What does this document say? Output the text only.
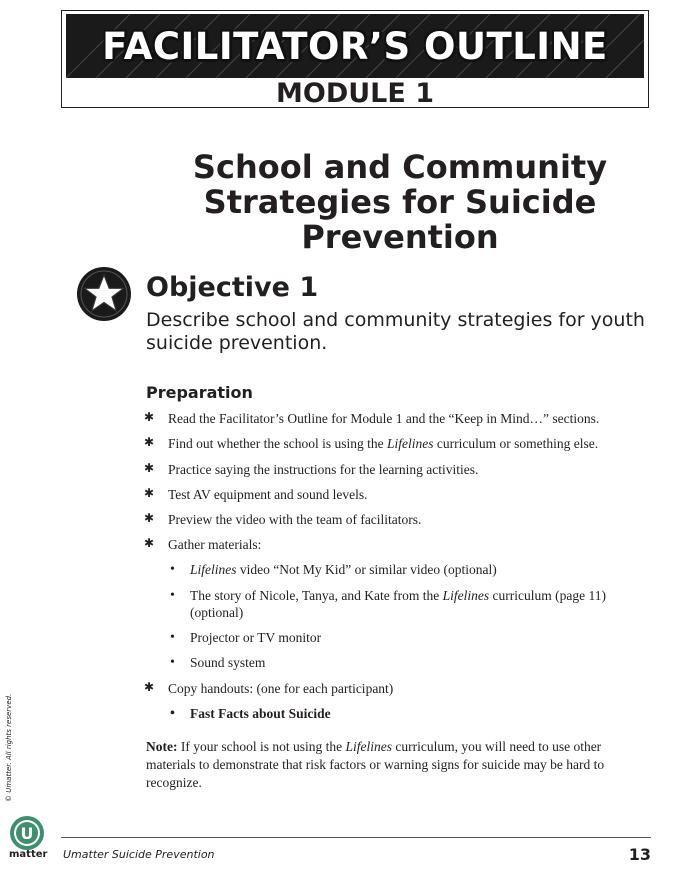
FACILITATOR’S OUTLINE
MODULE 1
School and Community Strategies for Suicide Prevention
Objective 1
Describe school and community strategies for youth suicide prevention.
Preparation
✱ Read the Facilitator’s Outline for Module 1 and the “Keep in Mind…” sections.
✱ Find out whether the school is using the Lifelines curriculum or something else.
✱ Practice saying the instructions for the learning activities.
✱ Test AV equipment and sound levels.
✱ Preview the video with the team of facilitators.
✱ Gather materials:
• Lifelines video “Not My Kid” or similar video (optional)
• The story of Nicole, Tanya, and Kate from the Lifelines curriculum (page 11) (optional)
• Projector or TV monitor
• Sound system
✱ Copy handouts: (one for each participant)
• Fast Facts about Suicide
Note: If your school is not using the Lifelines curriculum, you will need to use other materials to demonstrate that risk factors or warning signs for suicide may be hard to recognize.
© Umatter. All rights reserved.
U
matter Umatter Suicide Prevention	13
